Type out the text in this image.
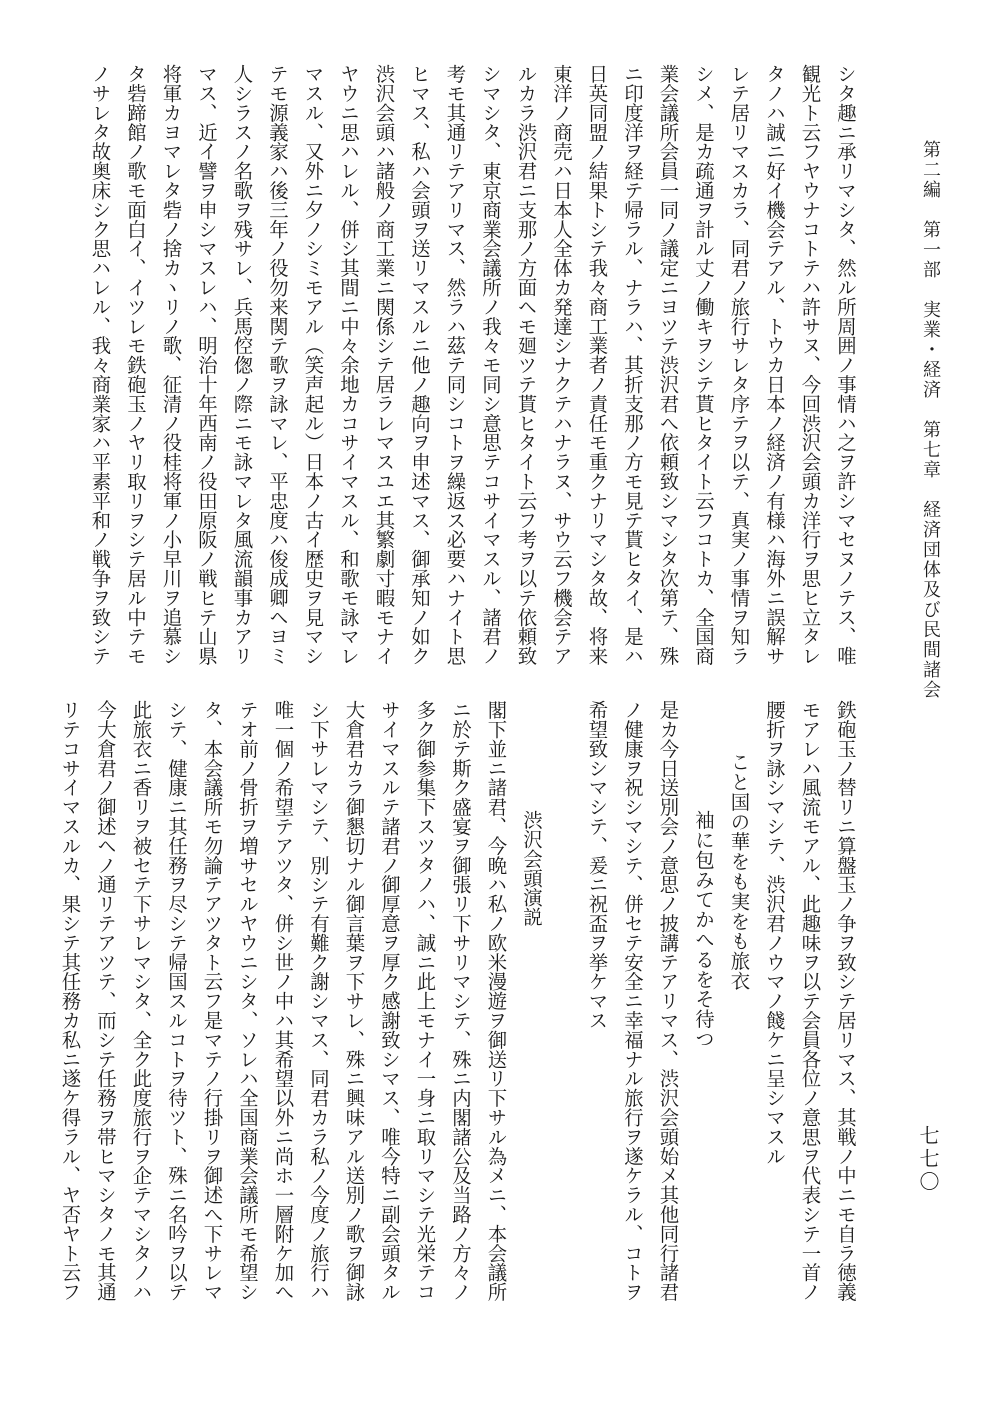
第二編　第一部　実業・経済　第七章　経済団体及び民間諸会
七七〇
シタ趣ニ承リマシタ、然ル所周囲ノ事情ハ之ヲ許シマセヌノテス、唯
観光ト云フヤウナコトテハ許サヌ、今回渋沢会頭カ洋行ヲ思ヒ立タレ
タノハ誠ニ好イ機会テアル、トウカ日本ノ経済ノ有様ハ海外ニ誤解サ
レテ居リマスカラ、同君ノ旅行サレタ序テヲ以テ、真実ノ事情ヲ知ラ
シメ、是カ疏通ヲ計ル丈ノ働キヲシテ貰ヒタイト云フコトカ、全国商
業会議所会員一同ノ議定ニヨツテ渋沢君へ依頼致シマシタ次第テ、殊
ニ印度洋ヲ経テ帰ラル、ナラハ、其折支那ノ方モ見テ貰ヒタイ、是ハ
日英同盟ノ結果トシテ我々商工業者ノ責任モ重クナリマシタ故、将来
東洋ノ商売ハ日本人全体カ発達シナクテハナラヌ、サウ云フ機会テア
ルカラ渋沢君ニ支那ノ方面ヘモ廻ツテ貰ヒタイト云フ考ヲ以テ依頼致
シマシタ、東京商業会議所ノ我々モ同シ意思テコサイマスル、諸君ノ
考モ其通リテアリマス、然ラハ茲テ同シコトヲ繰返ス必要ハナイト思
ヒマス、私ハ会頭ヲ送リマスルニ他ノ趣向ヲ申述マス、御承知ノ如ク
渋沢会頭ハ諸般ノ商工業ニ関係シテ居ラレマスユエ其繁劇寸暇モナイ
ヤウニ思ハレル、併シ其間ニ中々余地カコサイマスル、和歌モ詠マレ
マスル、又外ニ夕ノシミモアル（笑声起ル）日本ノ古イ歴史ヲ見マシ
テモ源義家ハ後三年ノ役勿来関テ歌ヲ詠マレ、平忠度ハ俊成卿ヘヨミ
人シラスノ名歌ヲ残サレ、兵馬倥偬ノ際ニモ詠マレタ風流韻事カアリ
マス、近イ譬ヲ申シマスレハ、明治十年西南ノ役田原阪ノ戦ヒテ山県
将軍カヨマレタ砦ノ捨カヽリノ歌、征清ノ役桂将軍ノ小早川ヲ追慕シ
タ砦蹄館ノ歌モ面白イ、イツレモ鉄砲玉ノヤリ取リヲシテ居ル中テモ
ノサレタ故奥床シク思ハレル、我々商業家ハ平素平和ノ戦争ヲ致シテ
鉄砲玉ノ替リニ算盤玉ノ争ヲ致シテ居リマス、其戦ノ中ニモ自ラ徳義
モアレハ風流モアル、此趣味ヲ以テ会員各位ノ意思ヲ代表シテ一首ノ
腰折ヲ詠シマシテ、渋沢君ノウマノ餞ケニ呈シマスル
こと国の華をも実をも旅衣
袖に包みてかへるをそ待つ
是カ今日送別会ノ意思ノ披講テアリマス、渋沢会頭始メ其他同行諸君
ノ健康ヲ祝シマシテ、併セテ安全ニ幸福ナル旅行ヲ遂ケラル、コトヲ
希望致シマシテ、爰ニ祝盃ヲ挙ケマス
渋沢会頭演説
閣下並ニ諸君、今晩ハ私ノ欧米漫遊ヲ御送リ下サル為メニ、本会議所
ニ於テ斯ク盛宴ヲ御張リ下サリマシテ、殊ニ内閣諸公及当路ノ方々ノ
多ク御参集下スツタノハ、誠ニ此上モナイ一身ニ取リマシテ光栄テコ
サイマスルテ諸君ノ御厚意ヲ厚ク感謝致シマス、唯今特ニ副会頭タル
大倉君カラ御懇切ナル御言葉ヲ下サレ、殊ニ興味アル送別ノ歌ヲ御詠
シ下サレマシテ、別シテ有難ク謝シマス、同君カラ私ノ今度ノ旅行ハ
唯一個ノ希望テアツタ、併シ世ノ中ハ其希望以外ニ尚ホ一層附ケ加へ
テオ前ノ骨折ヲ増サセルヤウニシタ、ソレハ全国商業会議所モ希望シ
タ、本会議所モ勿論テアツタト云フ是マテノ行掛リヲ御述へ下サレマ
シテ、健康ニ其任務ヲ尽シテ帰国スルコトヲ待ツト、殊ニ名吟ヲ以テ
此旅衣ニ香リヲ被セテ下サレマシタ、全ク此度旅行ヲ企テマシタノハ
今大倉君ノ御述ヘノ通リテアツテ、而シテ任務ヲ帯ヒマシタノモ其通
リテコサイマスルカ、果シテ其任務カ私ニ遂ケ得ラル、ヤ否ヤト云フ
